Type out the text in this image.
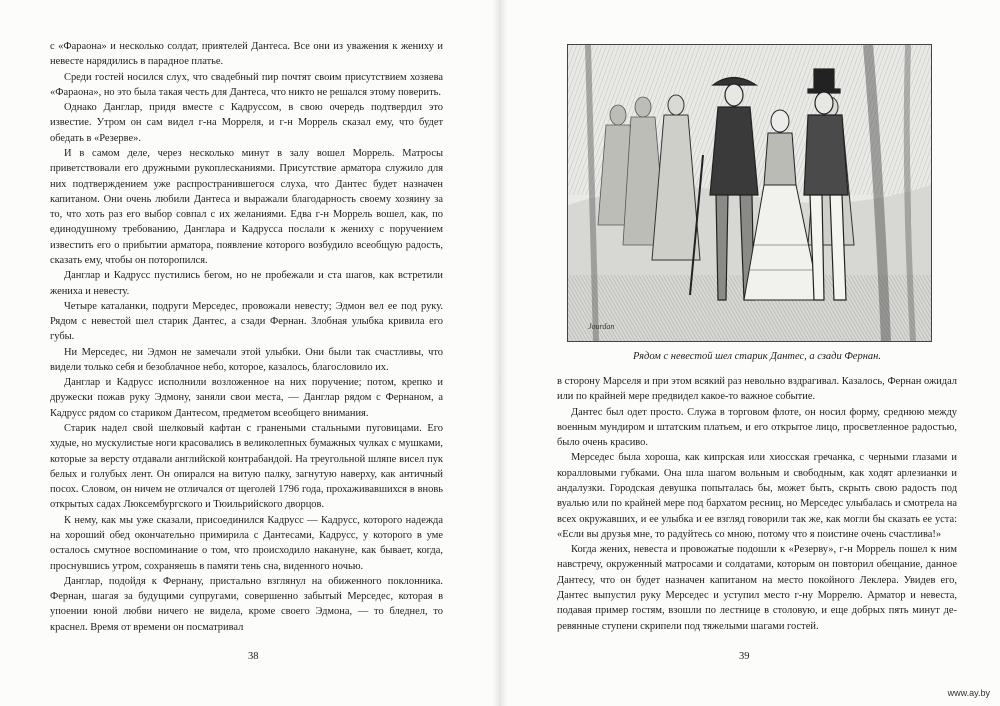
с «Фараона» и несколько солдат, приятелей Дантеса. Все они из уважения к жениху и невесте нарядились в парадное платье.

Среди гостей носился слух, что свадебный пир почтят своим присутствием хозяева «Фараона», но это была такая честь для Дантеса, что никто не решался этому поверить.

Однако Данглар, придя вместе с Кадруссом, в свою очередь подтвердил это известие. Утром он сам видел г-на Морреля, и г-н Моррель сказал ему, что будет обедать в «Резерве».

И в самом деле, через несколько минут в залу вошел Моррель. Матросы приветствовали его дружными рукоплесканиями. Присутствие арматора служило для них подтверждением уже распространившегося слуха, что Дантес будет назначен капитаном. Они очень любили Дантеса и выражали благодарность своему хозяину за то, что хоть раз его выбор совпал с их желаниями. Едва г-н Моррель вошел, как, по единодушному требованию, Данглара и Кадрусса послали к жениху с поручением известить его о прибытии арматора, появление которого возбудило всеобщую радость, сказать ему, чтобы он поторопился.

Данглар и Кадрусс пустились бегом, но не пробежали и ста шагов, как встретили жениха и невесту.

Четыре каталанки, подруги Мерседес, провожали невесту; Эдмон вел ее под руку. Рядом с невестой шел старик Дантес, а сзади Фернан. Злобная улыбка кривила его губы.

Ни Мерседес, ни Эдмон не замечали этой улыбки. Они были так счастливы, что видели только себя и безоблачное небо, которое, казалось, благословило их.

Данглар и Кадрусс исполнили возложенное на них поручение; потом, крепко и дружески пожав руку Эдмону, заняли свои места, — Данглар рядом с Фернаном, а Кадрусс рядом со стариком Дантесом, предметом всеобщего внимания.

Старик надел свой шелковый кафтан с гранеными стальными пуговицами. Его худые, но мускулистые ноги красовались в великолепных бумажных чулках с мушками, которые за версту отдавали английской контрабандой. На треугольной шляпе висел пук белых и голубых лент. Он опирался на витую палку, загнутую наверху, как античный посох. Словом, он ничем не отличался от щеголей 1796 года, прохаживавшихся в вновь открытых садах Люксембургского и Тюильрийского дворцов.

К нему, как мы уже сказали, присоединился Кадрусс — Кадрусс, которого надежда на хороший обед окончательно примирила с Дантесами, Кадрусс, у которого в уме осталось смутное воспоминание о том, что происходило накануне, как бывает, когда, проснувшись утром, сохраняешь в памяти тень сна, виденного ночью.

Данглар, подойдя к Фернану, пристально взглянул на обиженного поклонника. Фернан, шагая за будущими супругами, совершенно забытый Мерседес, которая в упоении юной любви ничего не видела, кроме своего Эдмона, — то бледнел, то краснел. Время от времени он посматривал

38
Jourdan
Рядом с невестой шел старик Дантес, а сзади Фернан.

в сторону Марселя и при этом всякий раз невольно вздрагивал. Казалось, Фернан ожидал или по крайней мере предвидел какое-то важное событие.

Дантес был одет просто. Служа в торговом флоте, он носил форму, среднюю между военным мундиром и штатским платьем, и его открытое лицо, просветленное радостью, было очень красиво.

Мерседес была хороша, как кипрская или хиосская гречанка, с черными глазами и коралловыми губками. Она шла шагом вольным и свободным, как ходят арлезианки и андалузки. Городская девушка попыталась бы, может быть, скрыть свою радость под вуалью или по крайней мере под бархатом ресниц, но Мерседес улыбалась и смотрела на всех окружавших, и ее улыбка и ее взгляд говорили так же, как могли бы сказать ее уста: «Если вы друзья мне, то радуйтесь со мною, потому что я поистине очень счастлива!»

Когда жених, невеста и провожатые подошли к «Резерву», г-н Моррель пошел к ним навстречу, окруженный матросами и солдатами, которым он повторил обещание, данное Дантесу, что он будет назначен капитаном на место покойного Леклера. Увидев его, Дантес выпустил руку Мерседес и уступил место г-ну Моррелю. Арматор и невеста, подавая пример гостям, взошли по лестнице в столовую, и еще добрых пять минут деревянные ступени скрипели под тяжелыми шагами гостей.

39
www.ay.by
